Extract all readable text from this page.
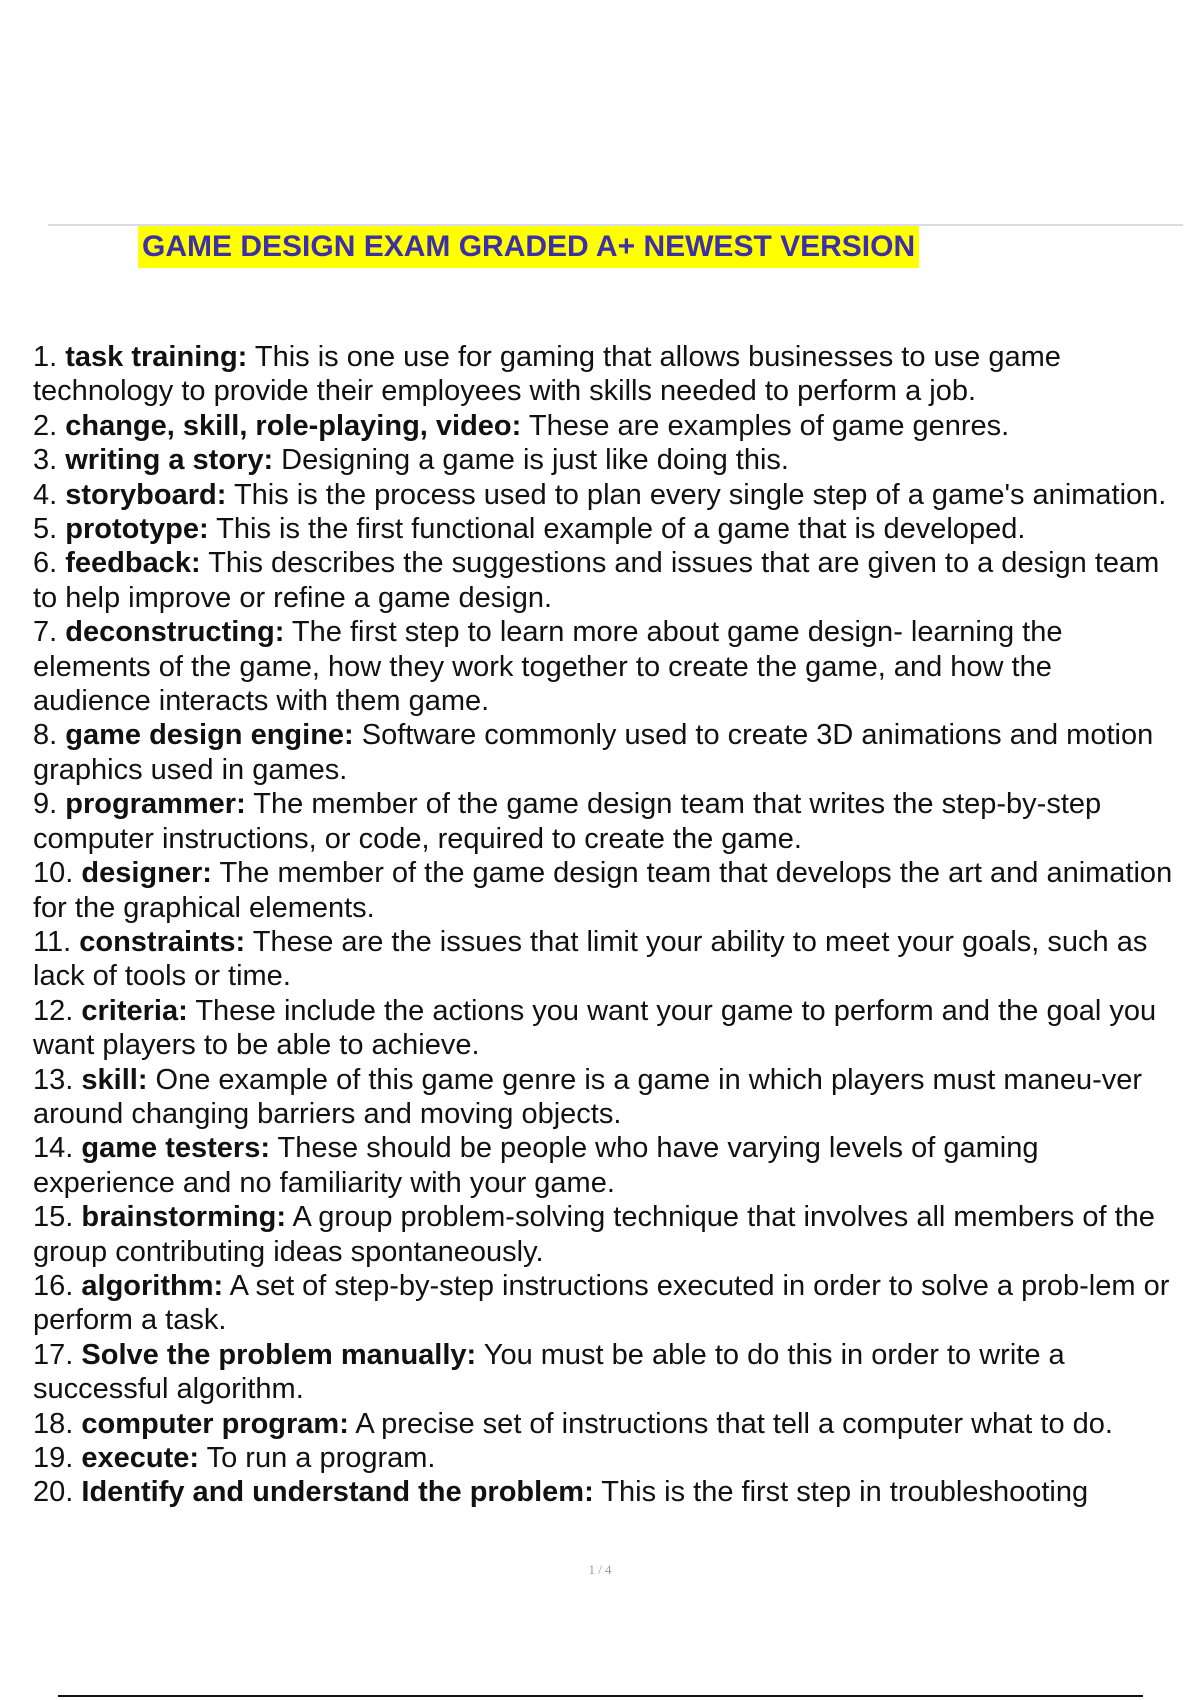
GAME DESIGN EXAM GRADED A+ NEWEST VERSION

1. task training: This is one use for gaming that allows businesses to use game technology to provide their employees with skills needed to perform a job.

2. change, skill, role-playing, video: These are examples of game genres.

3. writing a story: Designing a game is just like doing this.

4. storyboard: This is the process used to plan every single step of a game's animation.

5. prototype: This is the first functional example of a game that is developed.

6. feedback: This describes the suggestions and issues that are given to a design team to help improve or refine a game design.

7. deconstructing: The first step to learn more about game design- learning the elements of the game, how they work together to create the game, and how the audience interacts with them game.

8. game design engine: Software commonly used to create 3D animations and motion graphics used in games.

9. programmer: The member of the game design team that writes the step-by-step computer instructions, or code, required to create the game.

10. designer: The member of the game design team that develops the art and animation for the graphical elements.

11. constraints: These are the issues that limit your ability to meet your goals, such as lack of tools or time.

12. criteria: These include the actions you want your game to perform and the goal you want players to be able to achieve.

13. skill: One example of this game genre is a game in which players must maneu-ver around changing barriers and moving objects.

14. game testers: These should be people who have varying levels of gaming experience and no familiarity with your game.

15. brainstorming: A group problem-solving technique that involves all members of the group contributing ideas spontaneously.

16. algorithm: A set of step-by-step instructions executed in order to solve a prob-lem or perform a task.

17. Solve the problem manually: You must be able to do this in order to write a successful algorithm.

18. computer program: A precise set of instructions that tell a computer what to do.

19. execute: To run a program.

20. Identify and understand the problem: This is the first step in troubleshooting

1 / 4
